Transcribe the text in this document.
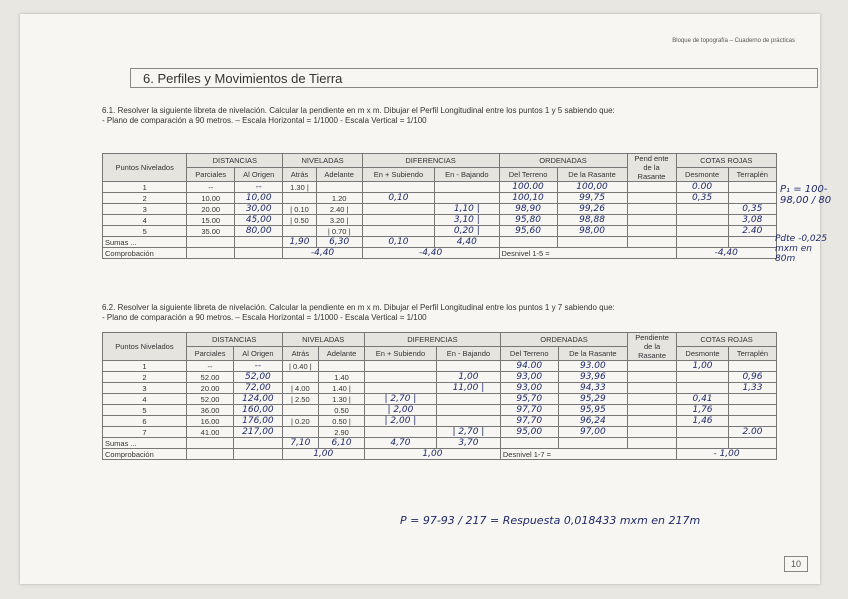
Bloque de topografía – Cuaderno de prácticas
6. Perfiles y Movimientos de Tierra
6.1. Resolver la siguiente libreta de nivelación. Calcular la pendiente en m x m. Dibujar el Perfil Longitudinal entre los puntos 1 y 5 sabiendo que:
- Plano de comparación a 90 metros. – Escala Horizontal = 1/1000 - Escala Vertical = 1/100
Puntos Nivelados	DISTANCIAS		NIVELADAS		DIFERENCIAS		ORDENADAS		Pend ente de la Rasante	COTAS ROJAS	
	Parciales	Al Origen	Atrás	Adelante	En + Subiendo	En - Bajando	Del Terreno	De la Rasante		Desmonte	Terraplén
1	--	--	1.30 |				100.00	100,00		0.00	
2	10.00	10,00		1.20	0,10		100,10	99,75		0,35	
3	20.00	30,00	| 0.10	2.40 |		1,10 |	98,90	99,26			0,35
4	15.00	45,00	| 0.50	3.20 |		3,10 |	95,80	98,88			3,08
5	35.00	80,00		| 0.70 |		0,20 |	95,60	98,00			2.40
Sumas ...			1,90	6,30	0,10	4,40					
Comprobación			-4,40		-4,40		Desnivel 1-5 =			-4,40	
6.2. Resolver la siguiente libreta de nivelación. Calcular la pendiente en m x m. Dibujar el Perfil Longitudinal entre los puntos 1 y 7 sabiendo que:
- Plano de comparación a 90 metros. – Escala Horizontal = 1/1000 - Escala Vertical = 1/100
Puntos Nivelados	DISTANCIAS		NIVELADAS		DIFERENCIAS		ORDENADAS		Pendiente de la Rasante	COTAS ROJAS	
	Parciales	Al Origen	Atrás	Adelante	En + Subiendo	En - Bajando	Del Terreno	De la Rasante		Desmonte	Terraplén
1	--	--	| 0.40 |				94.00	93.00		1,00	
2	52.00	52,00		1.40		1,00	93,00	93,96			0,96
3	20.00	72,00	| 4.00	1.40 |		11,00 |	93,00	94,33			1,33
4	52.00	124,00	| 2.50	1.30 |	| 2,70 |		95,70	95,29		0,41	
5	36.00	160,00		0.50	| 2,00		97,70	95,95		1,76	
6	16.00	176,00	| 0.20	0.50 |	| 2,00 |		97,70	96,24		1,46	
7	41.00	217,00		2.90		| 2,70 |	95,00	97,00			2.00
Sumas ...			7,10	6,10	4,70	3,70					
Comprobación			1,00		1,00		Desnivel 1-7 =			- 1,00	
P₁ = 100-98,00 / 80
Pdte -0,025 mxm en 80m
P = 97-93 / 217 = Respuesta 0,018433 mxm en 217m
10
